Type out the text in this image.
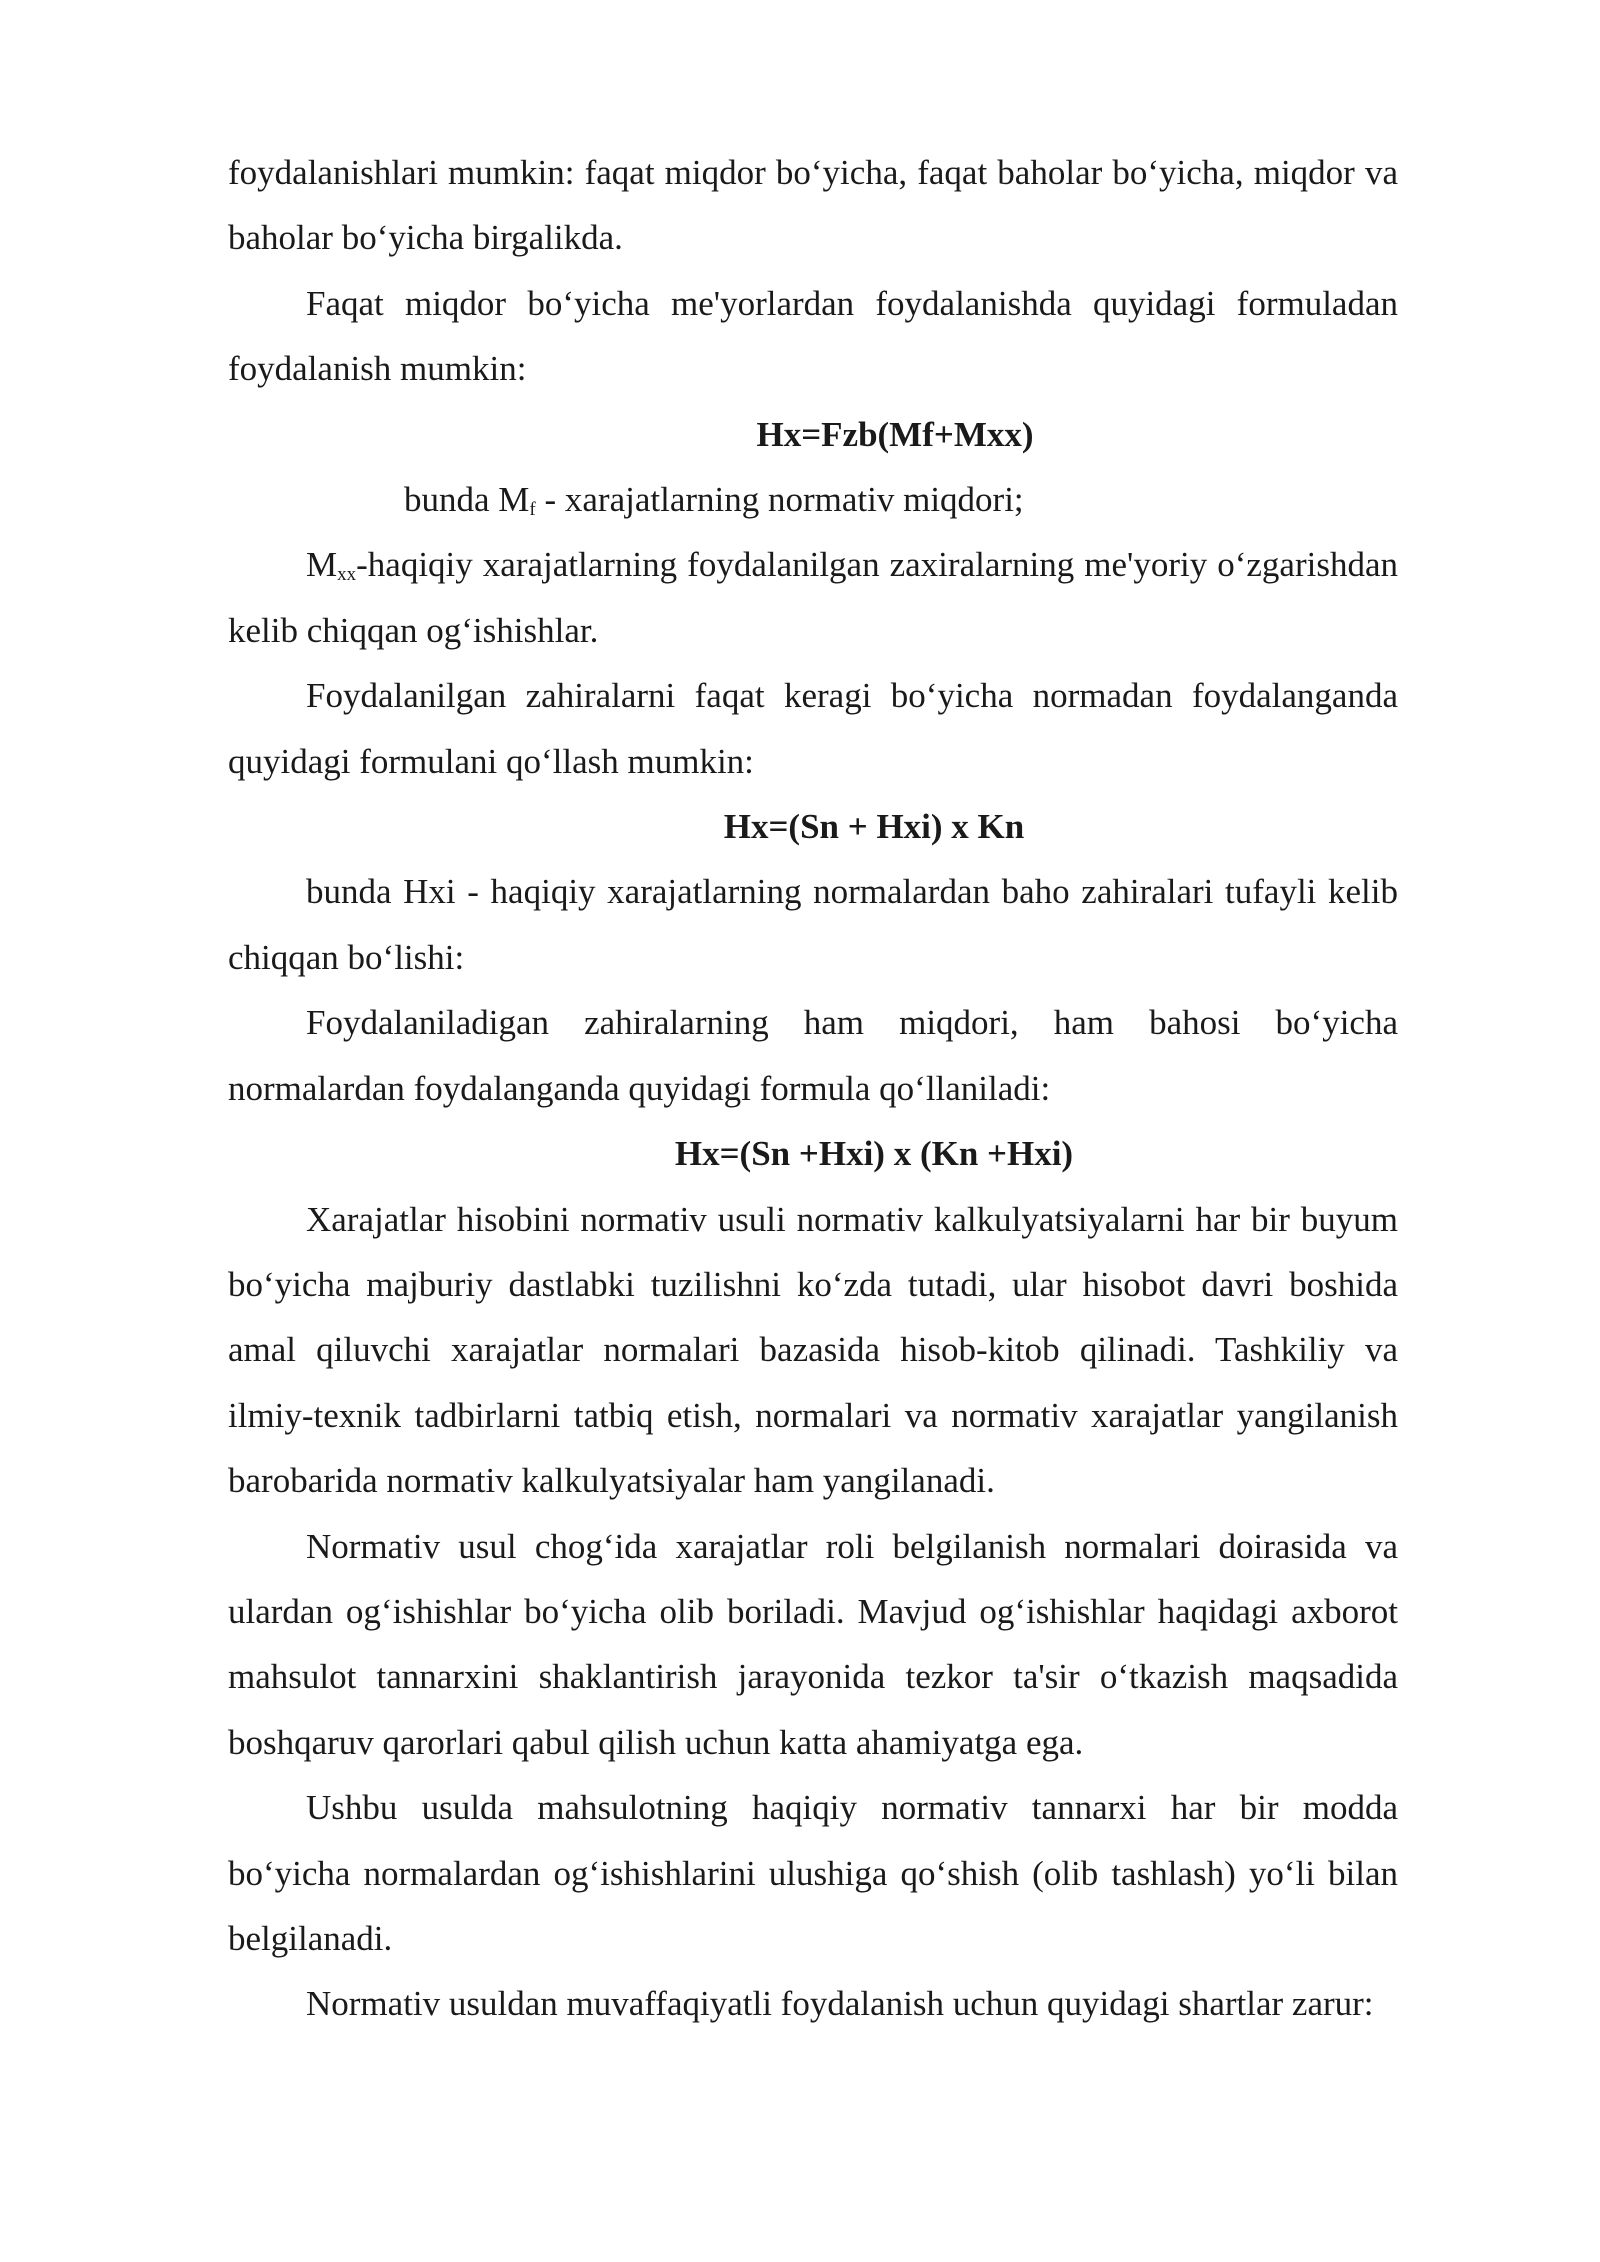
foydalanishlari mumkin: faqat miqdor bo‘yicha, faqat baholar bo‘yicha, miqdor va baholar bo‘yicha birgalikda.

Faqat miqdor bo‘yicha me'yorlardan foydalanishda quyidagi formuladan foydalanish mumkin:

Hx=Fzb(Mf+Mxx)

bunda $M_f$ - xarajatlarning normativ miqdori;

$M_{xx}$-haqiqiy xarajatlarning foydalanilgan zaxiralarning me'yoriy o‘zgarishdan kelib chiqqan og‘ishishlar.

Foydalanilgan zahiralarni faqat keragi bo‘yicha normadan foydalanganda quyidagi formulani qo‘llash mumkin:

Hx=(Sn + Hxi) x Kn

bunda Hxi - haqiqiy xarajatlarning normalardan baho zahiralari tufayli kelib chiqqan bo‘lishi:

Foydalaniladigan zahiralarning ham miqdori, ham bahosi bo‘yicha normalardan foydalanganda quyidagi formula qo‘llaniladi:

Hx=(Sn +Hxi) x (Kn +Hxi)

Xarajatlar hisobini normativ usuli normativ kalkulyatsiyalarni har bir buyum bo‘yicha majburiy dastlabki tuzilishni ko‘zda tutadi, ular hisobot davri boshida amal qiluvchi xarajatlar normalari bazasida hisob-kitob qilinadi. Tashkiliy va ilmiy-texnik tadbirlarni tatbiq etish, normalari va normativ xarajatlar yangilanish barobarida normativ kalkulyatsiyalar ham yangilanadi.

Normativ usul chog‘ida xarajatlar roli belgilanish normalari doirasida va ulardan og‘ishishlar bo‘yicha olib boriladi. Mavjud og‘ishishlar haqidagi axborot mahsulot tannarxini shaklantirish jarayonida tezkor ta'sir o‘tkazish maqsadida boshqaruv qarorlari qabul qilish uchun katta ahamiyatga ega.

Ushbu usulda mahsulotning haqiqiy normativ tannarxi har bir modda bo‘yicha normalardan og‘ishishlarini ulushiga qo‘shish (olib tashlash) yo‘li bilan belgilanadi.

Normativ usuldan muvaffaqiyatli foydalanish uchun quyidagi shartlar zarur:
